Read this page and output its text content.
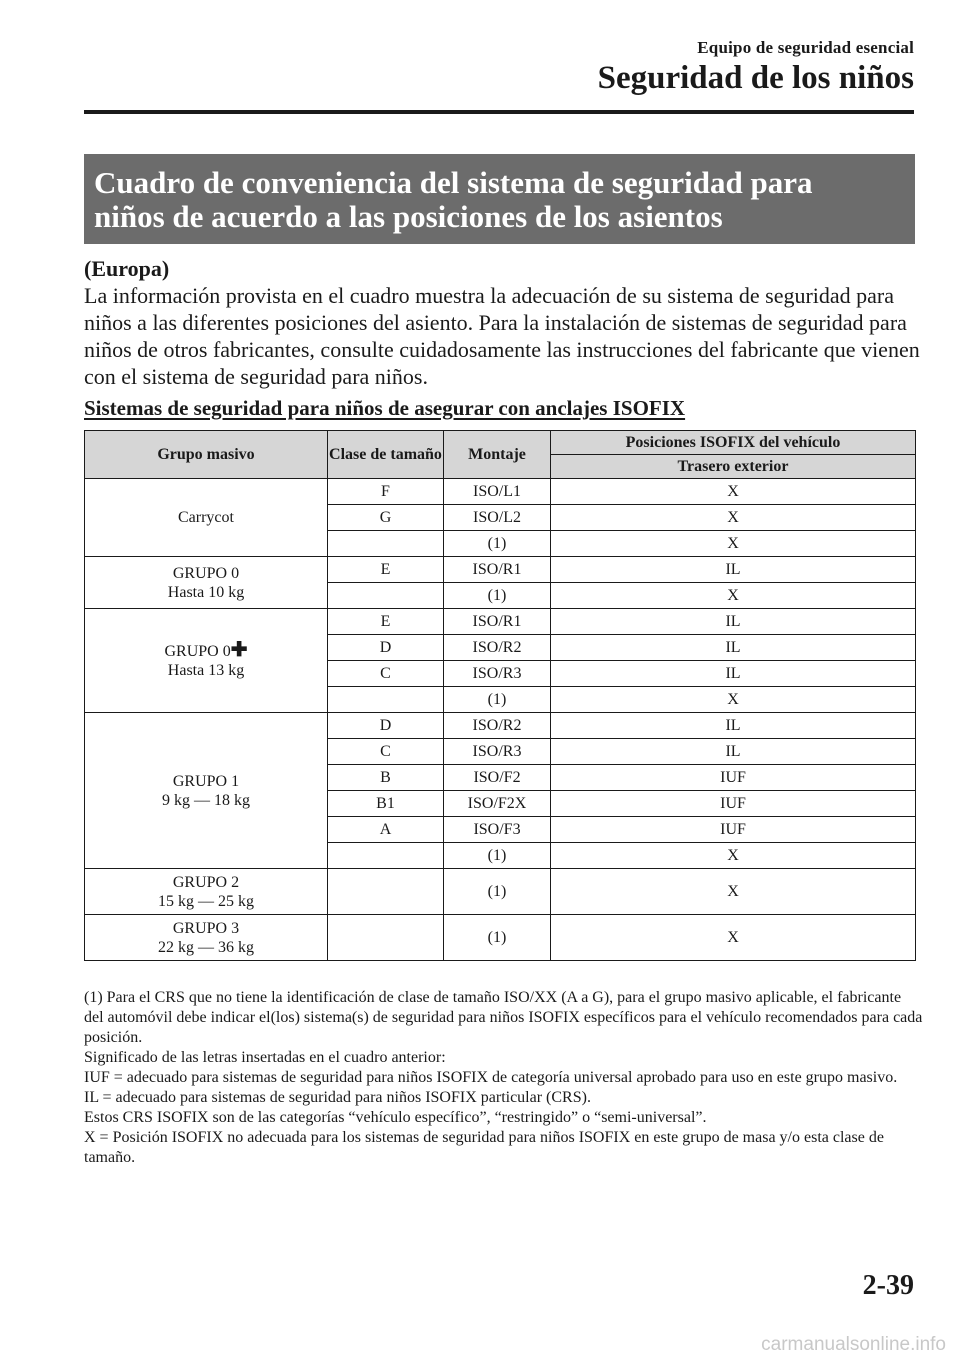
Equipo de seguridad esencial
Seguridad de los niños
Cuadro de conveniencia del sistema de seguridad para
niños de acuerdo a las posiciones de los asientos
(Europa)
La información provista en el cuadro muestra la adecuación de su sistema de seguridad para niños a las diferentes posiciones del asiento. Para la instalación de sistemas de seguridad para niños de otros fabricantes, consulte cuidadosamente las instrucciones del fabricante que vienen con el sistema de seguridad para niños.
Sistemas de seguridad para niños de asegurar con anclajes ISOFIX
Grupo masivo	Clase de tamaño	Montaje	Posiciones ISOFIX del vehículo
			Trasero exterior

Carrycot	F	ISO/L1	X
	G	ISO/L2	X
		(1)	X

GRUPO 0
Hasta 10 kg	E	ISO/R1	IL
		(1)	X

GRUPO 0✚
Hasta 13 kg	E	ISO/R1	IL
	D	ISO/R2	IL
	C	ISO/R3	IL
		(1)	X

GRUPO 1
9 kg ― 18 kg	D	ISO/R2	IL
	C	ISO/R3	IL
	B	ISO/F2	IUF
	B1	ISO/F2X	IUF
	A	ISO/F3	IUF
		(1)	X

GRUPO 2
15 kg ― 25 kg		(1)	X

GRUPO 3
22 kg ― 36 kg		(1)	X

(1) Para el CRS que no tiene la identificación de clase de tamaño ISO/XX (A a G), para el grupo masivo aplicable, el fabricante del automóvil debe indicar el(los) sistema(s) de seguridad para niños ISOFIX específicos para el vehículo recomendados para cada posición.

Significado de las letras insertadas en el cuadro anterior:

IUF = adecuado para sistemas de seguridad para niños ISOFIX de categoría universal aprobado para uso en este grupo masivo.

IL = adecuado para sistemas de seguridad para niños ISOFIX particular (CRS).

Estos CRS ISOFIX son de las categorías “vehículo específico”, “restringido” o “semi-universal”.

X = Posición ISOFIX no adecuada para los sistemas de seguridad para niños ISOFIX en este grupo de masa y/o esta clase de tamaño.

2-39
carmanualsonline.info
